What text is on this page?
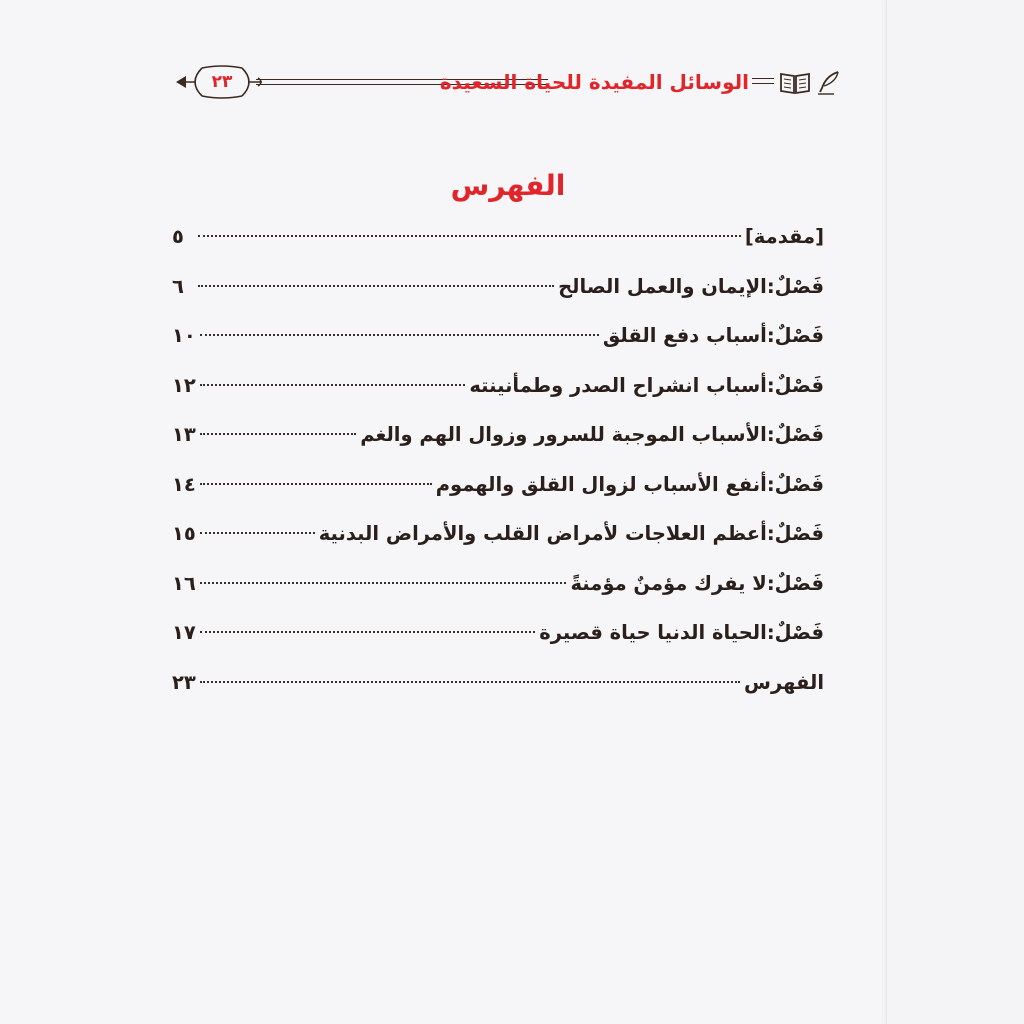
٢٣	الوسائل المفيدة للحياة السعيدة
الفهرس
[مقدمة]
٥
فَصْلٌ:
الإيمان والعمل الصالح
٦
فَصْلٌ:
أسباب دفع القلق
١٠
فَصْلٌ:
أسباب انشراح الصدر وطمأنينته
١٢
فَصْلٌ:
الأسباب الموجبة للسرور وزوال الهم والغم
١٣
فَصْلٌ:
أنفع الأسباب لزوال القلق والهموم
١٤
فَصْلٌ:
أعظم العلاجات لأمراض القلب والأمراض البدنية
١٥
فَصْلٌ:
لا يفرك مؤمنٌ مؤمنةً
١٦
فَصْلٌ:
الحياة الدنيا حياة قصيرة
١٧
الفهرس
٢٣
